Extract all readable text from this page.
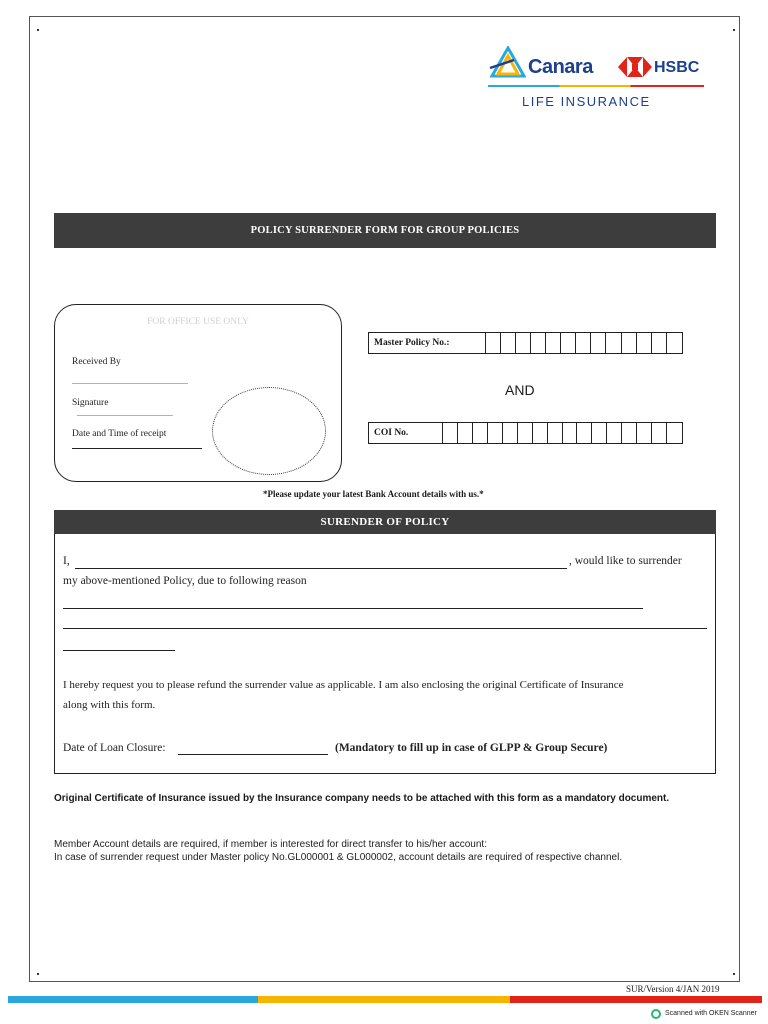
Canara	HSBC
LIFE INSURANCE
POLICY SURRENDER FORM FOR GROUP POLICIES
FOR OFFICE USE ONLY
Received By
..........................................................
Signature
................................................
Date and Time of receipt
Master Policy No.:
AND
COI No.
*Please update your latest Bank Account details with us.*
SURENDER OF POLICY
I,	, would like to surrender
my above-mentioned Policy, due to following reason
I hereby request you to please refund the surrender value as applicable. I am also enclosing the original Certificate of Insurance
along with this form.
Date of Loan Closure:	(Mandatory to fill up in case of GLPP & Group Secure)
Original Certificate of Insurance issued by the Insurance company needs to be attached with this form as a mandatory document.
Member Account details are required, if member is interested for direct transfer to his/her account:
In case of surrender request under Master policy No.GL000001 & GL000002, account details are required of respective channel.
SUR/Version 4/JAN 2019
Scanned with OKEN Scanner
